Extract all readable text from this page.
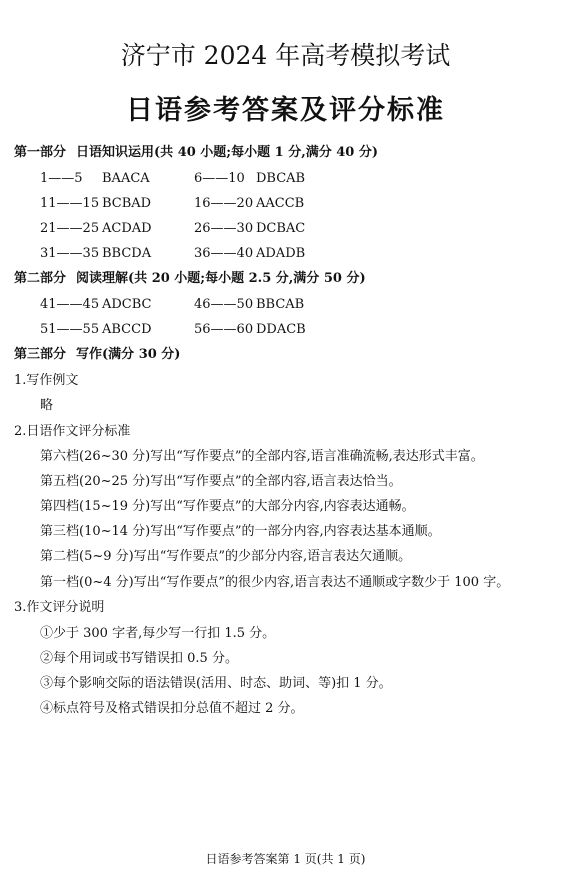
济宁市 2024 年高考模拟考试
日语参考答案及评分标准
第一部分 日语知识运用(共 40 小题;每小题 1 分,满分 40 分)
1——5 BAACA	6——10 DBCAB
11——15 BCBAD	16——20 AACCB
21——25 ACDAD	26——30 DCBAC
31——35 BBCDA	36——40 ADADB
第二部分 阅读理解(共 20 小题;每小题 2.5 分,满分 50 分)
41——45 ADCBC	46——50 BBCAB
51——55 ABCCD	56——60 DDACB
第三部分 写作(满分 30 分)
1.写作例文
略
2.日语作文评分标准
第六档(26~30 分)写出“写作要点”的全部内容,语言准确流畅,表达形式丰富。
第五档(20~25 分)写出“写作要点”的全部内容,语言表达恰当。
第四档(15~19 分)写出“写作要点”的大部分内容,内容表达通畅。
第三档(10~14 分)写出“写作要点”的一部分内容,内容表达基本通顺。
第二档(5~9 分)写出“写作要点”的少部分内容,语言表达欠通顺。
第一档(0~4 分)写出“写作要点”的很少内容,语言表达不通顺或字数少于 100 字。
3.作文评分说明
①少于 300 字者,每少写一行扣 1.5 分。
②每个用词或书写错误扣 0.5 分。
③每个影响交际的语法错误(活用、时态、助词、等)扣 1 分。
④标点符号及格式错误扣分总值不超过 2 分。
日语参考答案第 1 页(共 1 页)
